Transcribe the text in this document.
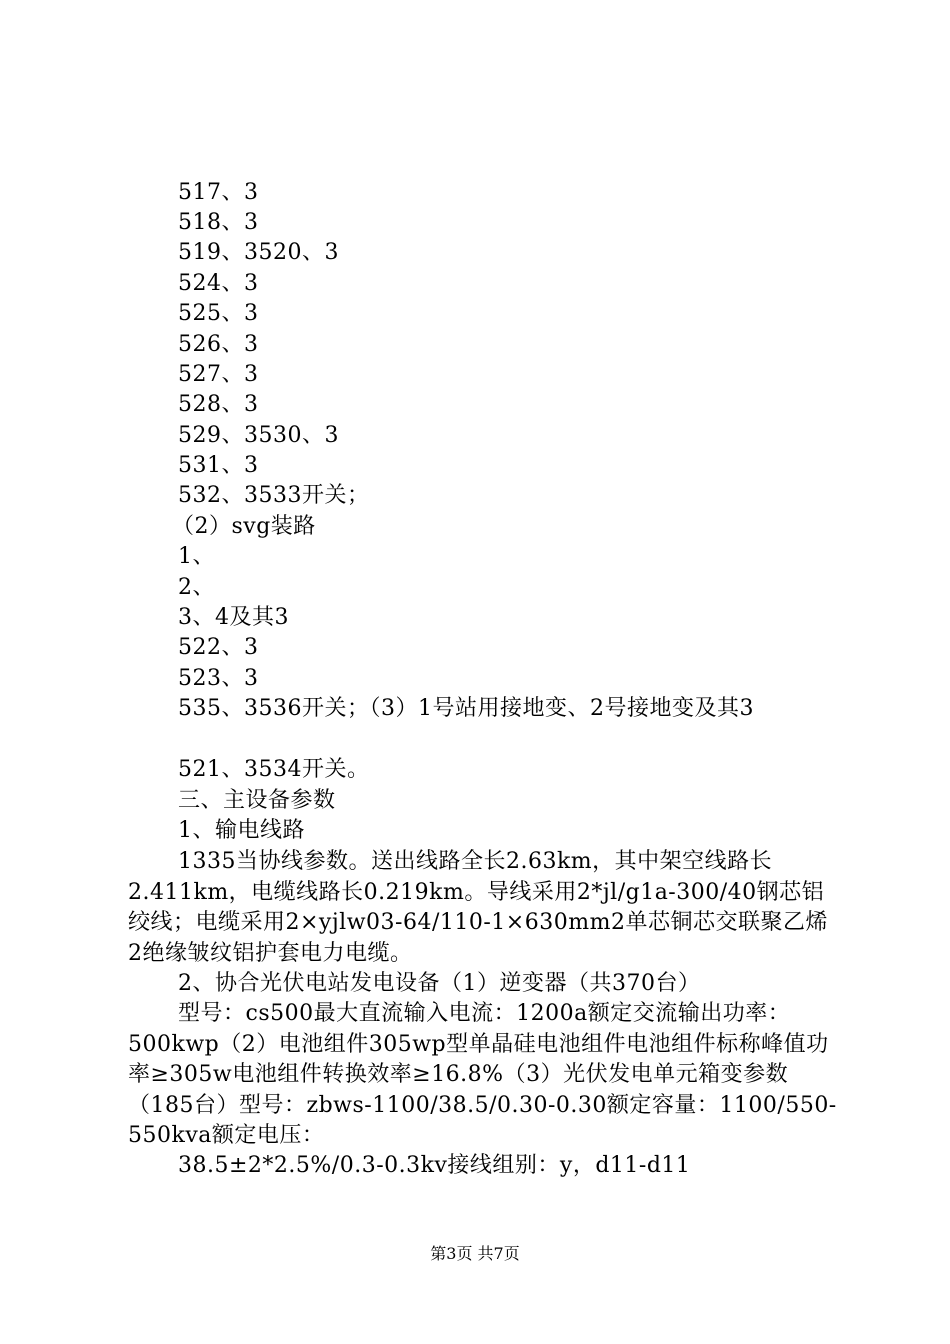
517、3
518、3
519、3520、3
524、3
525、3
526、3
527、3
528、3
529、3530、3
531、3
532、3533开关；
（2）svg装路
1、
2、
3、4及其3
522、3
523、3
535、3536开关；（3）1号站用接地变、2号接地变及其3
521、3534开关。
三、主设备参数
1、输电线路
1335当协线参数。送出线路全长2.63km，其中架空线路长2.411km，电缆线路长0.219km。导线采用2*jl/g1a-300/40钢芯铝绞线；电缆采用2×yjlw03-64/110-1×630mm2单芯铜芯交联聚乙烯2绝缘皱纹铝护套电力电缆。
2、协合光伏电站发电设备（1）逆变器（共370台）
型号：cs500最大直流输入电流：1200a额定交流输出功率：500kwp（2）电池组件305wp型单晶硅电池组件电池组件标称峰值功率≥305w电池组件转换效率≥16.8%（3）光伏发电单元箱变参数（185台）型号：zbws-1100/38.5/0.30-0.30额定容量：1100/550-550kva额定电压：
38.5±2*2.5%/0.3-0.3kv接线组别：y，d11-d11
第3页 共7页
